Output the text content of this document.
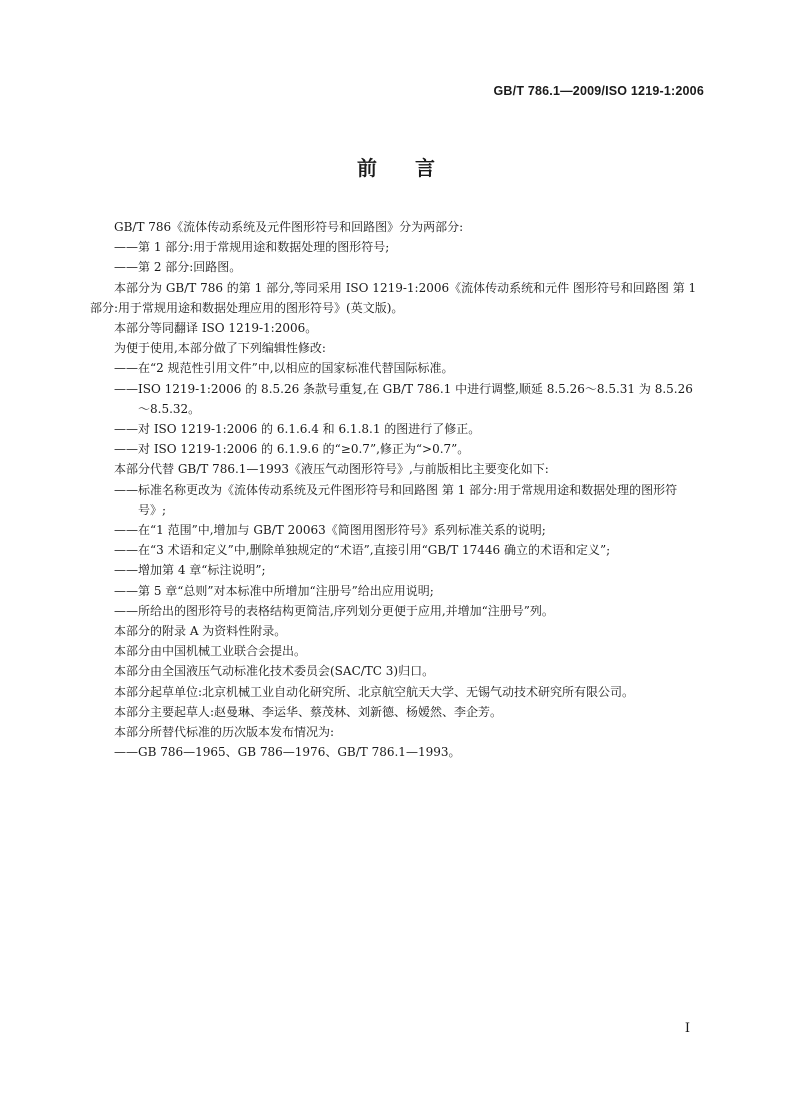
GB/T 786.1—2009/ISO 1219-1:2006
前言

GB/T 786《流体传动系统及元件图形符号和回路图》分为两部分:

——第 1 部分:用于常规用途和数据处理的图形符号;

——第 2 部分:回路图。

本部分为 GB/T 786 的第 1 部分,等同采用 ISO 1219-1:2006《流体传动系统和元件 图形符号和回路图 第 1 部分:用于常规用途和数据处理应用的图形符号》(英文版)。

本部分等同翻译 ISO 1219-1:2006。

为便于使用,本部分做了下列编辑性修改:

——在“2 规范性引用文件”中,以相应的国家标准代替国际标准。

——ISO 1219-1:2006 的 8.5.26 条款号重复,在 GB/T 786.1 中进行调整,顺延 8.5.26～8.5.31 为 8.5.26～8.5.32。

——对 ISO 1219-1:2006 的 6.1.6.4 和 6.1.8.1 的图进行了修正。

——对 ISO 1219-1:2006 的 6.1.9.6 的“≥0.7”,修正为“>0.7”。

本部分代替 GB/T 786.1—1993《液压气动图形符号》,与前版相比主要变化如下:

——标准名称更改为《流体传动系统及元件图形符号和回路图 第 1 部分:用于常规用途和数据处理的图形符号》;

——在“1 范围”中,增加与 GB/T 20063《简图用图形符号》系列标准关系的说明;

——在“3 术语和定义”中,删除单独规定的“术语”,直接引用“GB/T 17446 确立的术语和定义”;

——增加第 4 章“标注说明”;

——第 5 章“总则”对本标准中所增加“注册号”给出应用说明;

——所给出的图形符号的表格结构更简洁,序列划分更便于应用,并增加“注册号”列。

本部分的附录 A 为资料性附录。

本部分由中国机械工业联合会提出。

本部分由全国液压气动标准化技术委员会(SAC/TC 3)归口。

本部分起草单位:北京机械工业自动化研究所、北京航空航天大学、无锡气动技术研究所有限公司。

本部分主要起草人:赵曼琳、李运华、蔡茂林、刘新德、杨嫒然、李企芳。

本部分所替代标准的历次版本发布情况为:

——GB 786—1965、GB 786—1976、GB/T 786.1—1993。

I
